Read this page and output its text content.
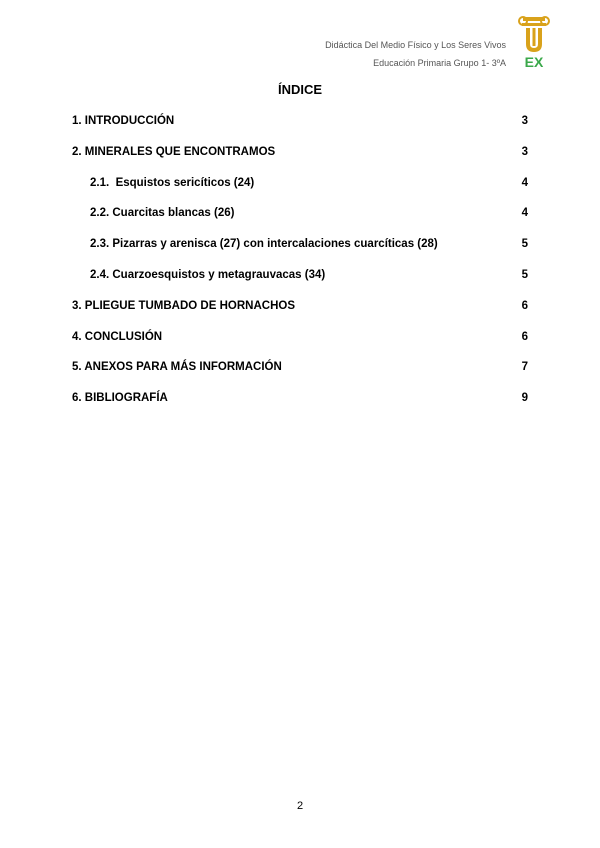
Didáctica Del Medio Físico y Los Seres Vivos
Educación Primaria Grupo 1- 3ºA EX
ÍNDICE
1. INTRODUCCIÓN	3
2. MINERALES QUE ENCONTRAMOS	3
2.1.  Esquistos sericíticos (24)	4
2.2. Cuarcitas blancas (26)	4
2.3. Pizarras y arenisca (27) con intercalaciones cuarcíticas (28)	5
2.4. Cuarzoesquistos y metagrauvacas (34)	5
3. PLIEGUE TUMBADO DE HORNACHOS	6
4. CONCLUSIÓN	6
5. ANEXOS PARA MÁS INFORMACIÓN	7
6. BIBLIOGRAFÍA	9
2
